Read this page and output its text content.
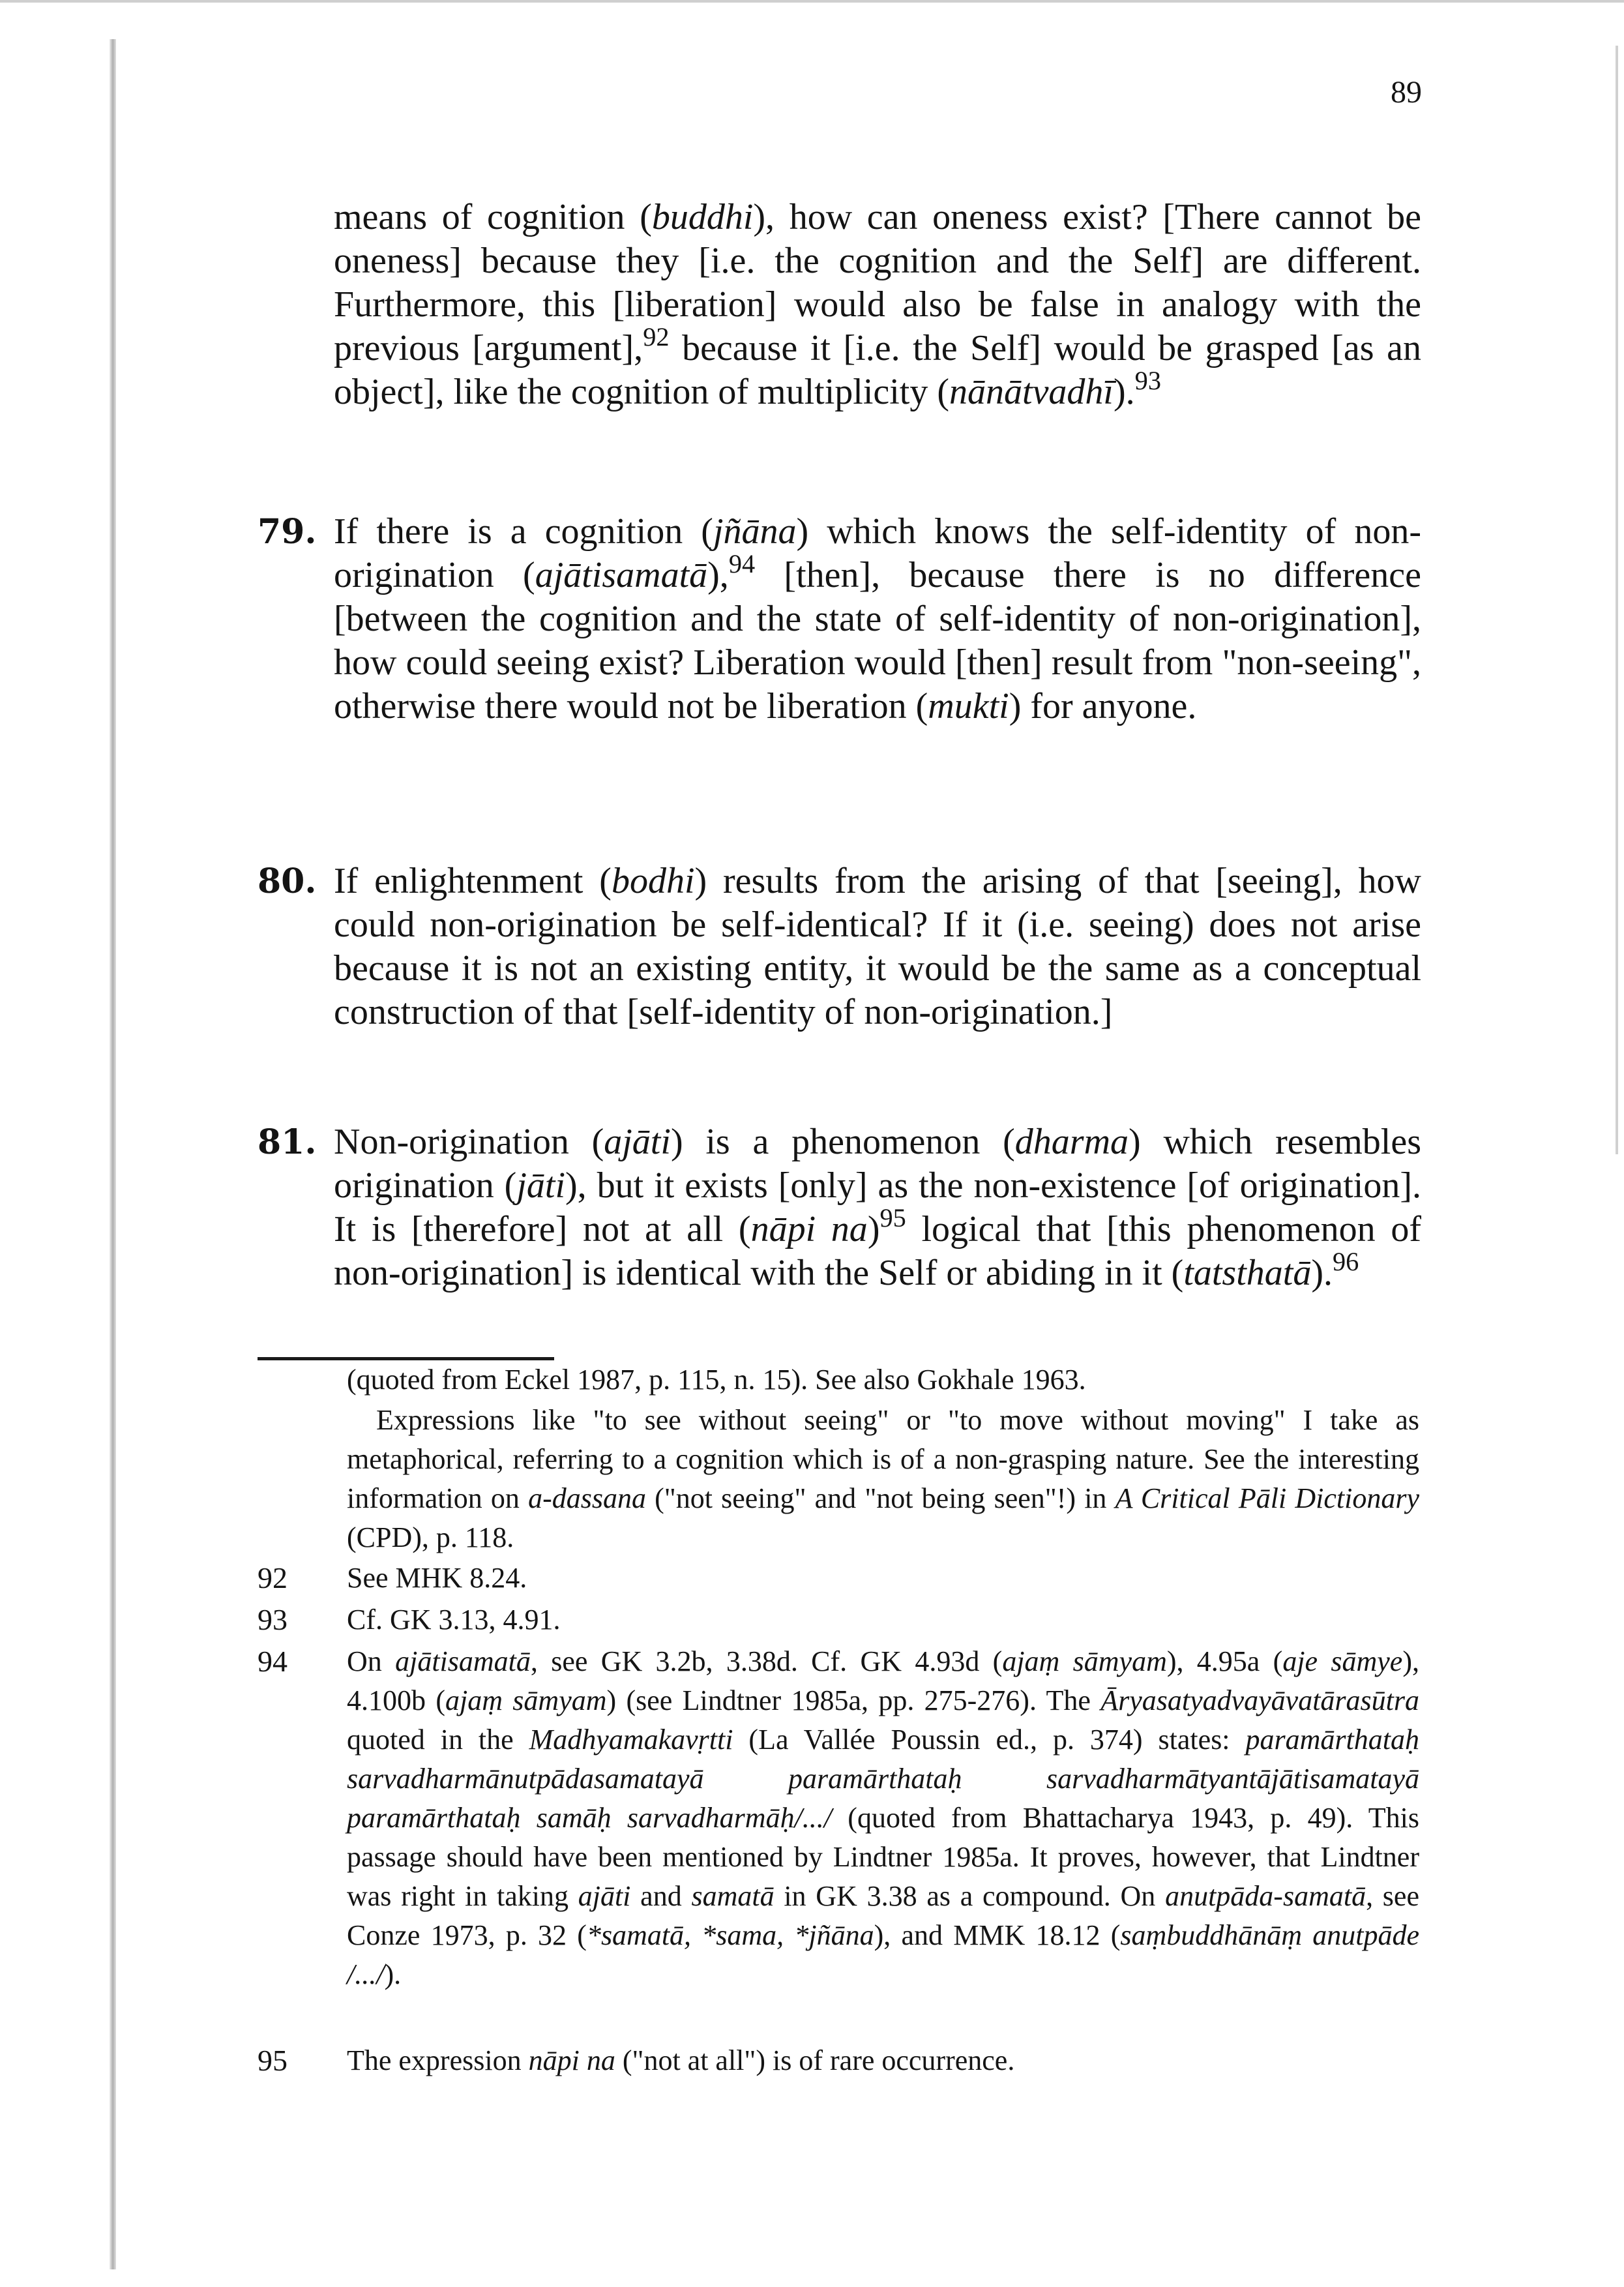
89
means of cognition (buddhi), how can oneness exist? [There cannot be oneness] because they [i.e. the cognition and the Self] are different. Furthermore, this [liberation] would also be false in analogy with the previous [argument],$^{92}$ because it [i.e. the Self] would be grasped [as an object], like the cognition of multiplicity (nānātvadhī).$^{93}$
79. If there is a cognition (jñāna) which knows the self-identity of non-origination (ajātisamatā),$^{94}$ [then], because there is no difference [between the cognition and the state of self-identity of non-origination], how could seeing exist? Liberation would [then] result from "non-seeing", otherwise there would not be liberation (mukti) for anyone.
80. If enlightenment (bodhi) results from the arising of that [seeing], how could non-origination be self-identical? If it (i.e. seeing) does not arise because it is not an existing entity, it would be the same as a conceptual construction of that [self-identity of non-origination.]
81. Non-origination (ajāti) is a phenomenon (dharma) which resembles origination (jāti), but it exists [only] as the non-existence [of origination]. It is [therefore] not at all (nāpi na)$^{95}$ logical that [this phenomenon of non-origination] is identical with the Self or abiding in it (tatsthatā).$^{96}$
(quoted from Eckel 1987, p. 115, n. 15). See also Gokhale 1963.
Expressions like "to see without seeing" or "to move without moving" I take as metaphorical, referring to a cognition which is of a non-grasping nature. See the interesting information on a-dassana ("not seeing" and "not being seen"!) in A Critical Pāli Dictionary (CPD), p. 118.
92	See MHK 8.24.
93	Cf. GK 3.13, 4.91.
94	On ajātisamatā, see GK 3.2b, 3.38d. Cf. GK 4.93d (ajaṃ sāmyam), 4.95a (aje sāmye), 4.100b (ajaṃ sāmyam) (see Lindtner 1985a, pp. 275-276). The Āryasatyadvayāvatārasūtra quoted in the Madhyamakavṛtti (La Vallée Poussin ed., p. 374) states: paramārthataḥ sarvadharmānutpādasamatayā paramārthataḥ sarvadharmātyantājātisamatayā paramārthataḥ samāḥ sarvadharmāḥ/.../ (quoted from Bhattacharya 1943, p. 49). This passage should have been mentioned by Lindtner 1985a. It proves, however, that Lindtner was right in taking ajāti and samatā in GK 3.38 as a compound. On anutpāda-samatā, see Conze 1973, p. 32 (*samatā, *sama, *jñāna), and MMK 18.12 (saṃbuddhānāṃ anutpāde /.../).
95	The expression nāpi na ("not at all") is of rare occurrence.
